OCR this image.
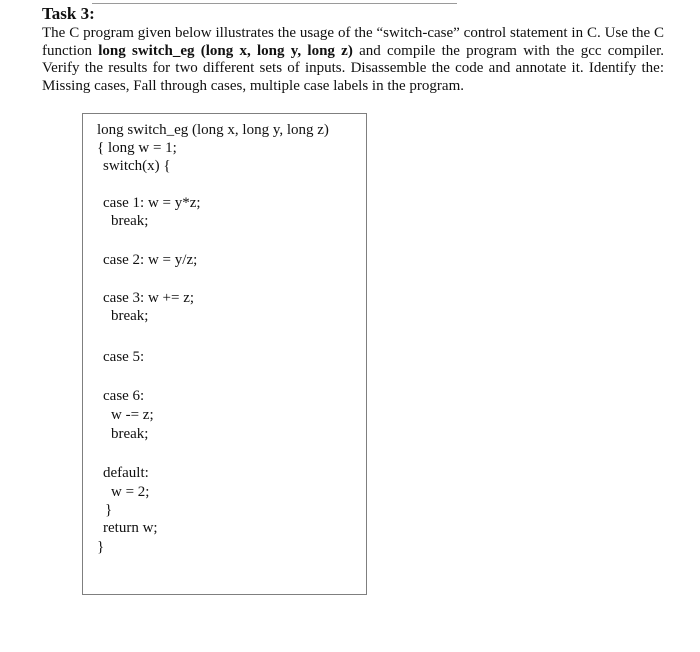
Task 3:
The C program given below illustrates the usage of the “switch-case” control statement in C. Use the C function long switch_eg (long x, long y, long z) and compile the program with the gcc compiler. Verify the results for two different sets of inputs. Disassemble the code and annotate it. Identify the: Missing cases, Fall through cases, multiple case labels in the program.
long switch_eg (long x, long y, long z)
{ long w = 1;
switch(x) {
case 1: w = y*z;
break;
case 2: w = y/z;
case 3: w += z;
break;
case 5:
case 6:
w -= z;
break;
default:
w = 2;
}
return w;
}
